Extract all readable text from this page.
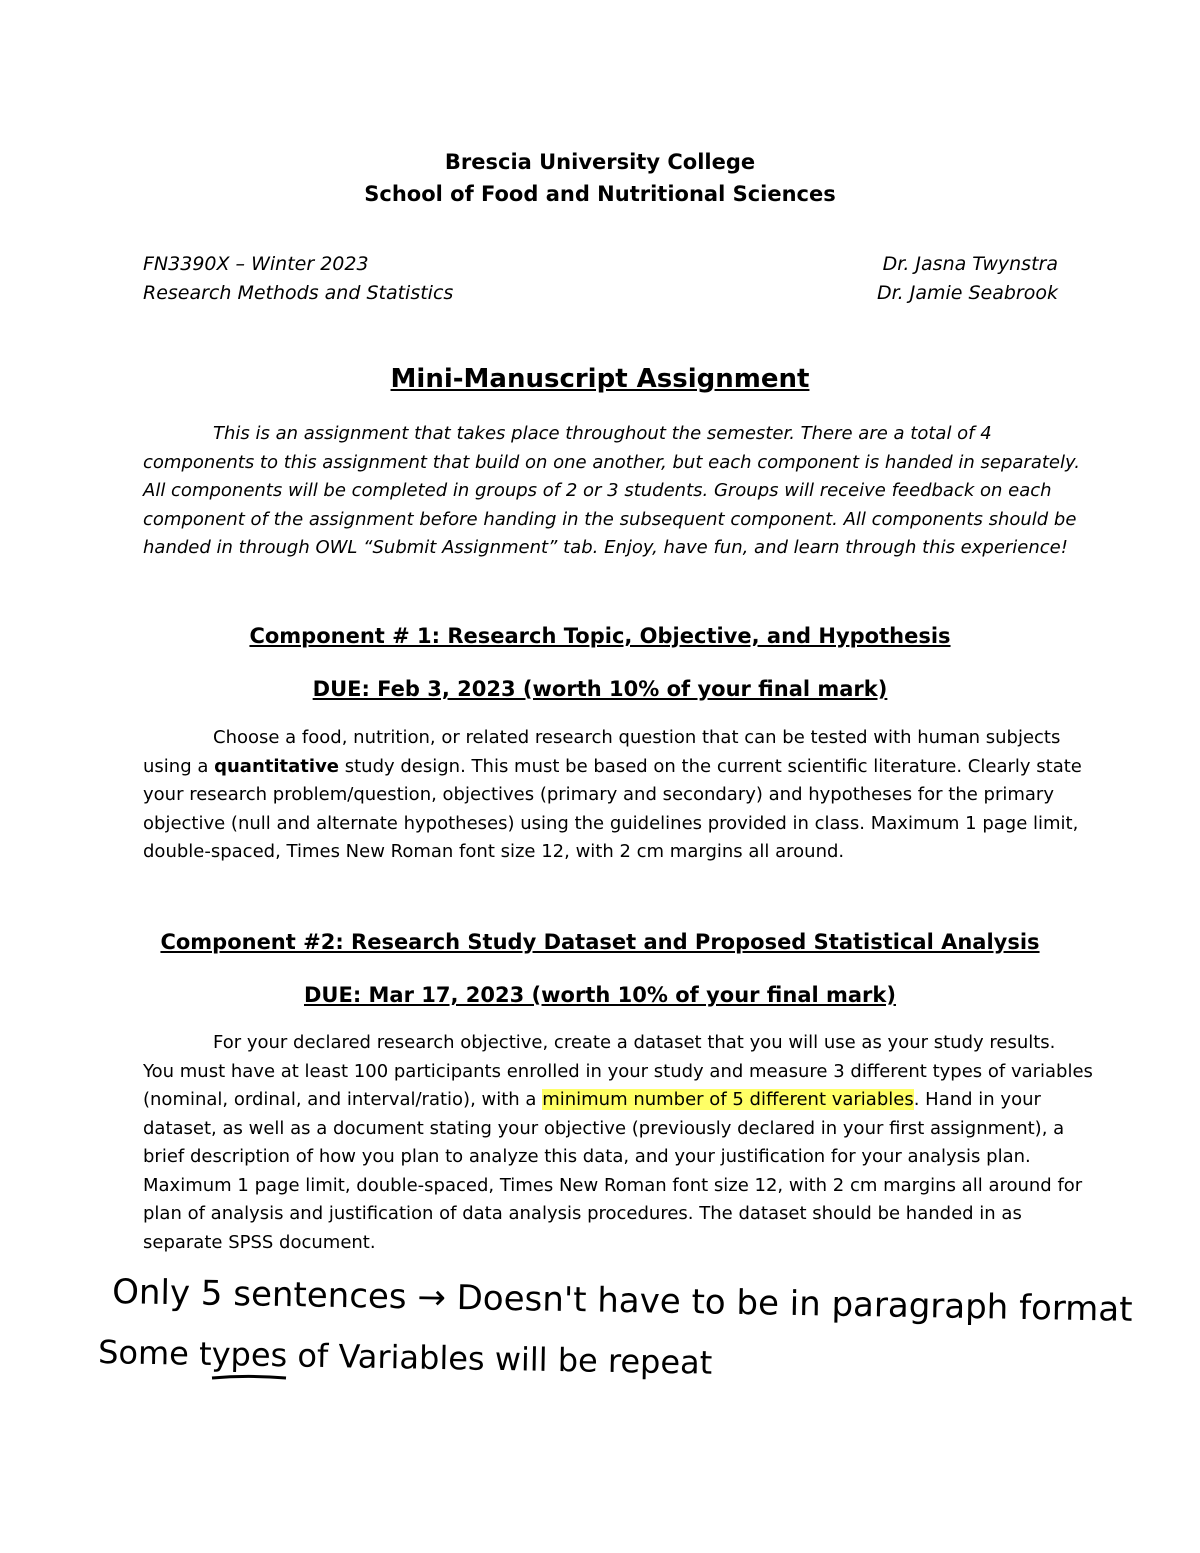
Brescia University College
School of Food and Nutritional Sciences
FN3390X – Winter 2023
Research Methods and Statistics
Dr. Jasna Twynstra
Dr. Jamie Seabrook
Mini-Manuscript Assignment
This is an assignment that takes place throughout the semester. There are a total of 4
components to this assignment that build on one another, but each component is handed in separately.
All components will be completed in groups of 2 or 3 students. Groups will receive feedback on each
component of the assignment before handing in the subsequent component. All components should be
handed in through OWL “Submit Assignment” tab. Enjoy, have fun, and learn through this experience!
Component # 1: Research Topic, Objective, and Hypothesis
DUE: Feb 3, 2023 (worth 10% of your final mark)
Choose a food, nutrition, or related research question that can be tested with human subjects
using a quantitative study design. This must be based on the current scientific literature. Clearly state
your research problem/question, objectives (primary and secondary) and hypotheses for the primary
objective (null and alternate hypotheses) using the guidelines provided in class. Maximum 1 page limit,
double-spaced, Times New Roman font size 12, with 2 cm margins all around.
Component #2: Research Study Dataset and Proposed Statistical Analysis
DUE: Mar 17, 2023 (worth 10% of your final mark)
For your declared research objective, create a dataset that you will use as your study results.
You must have at least 100 participants enrolled in your study and measure 3 different types of variables
(nominal, ordinal, and interval/ratio), with a minimum number of 5 different variables. Hand in your
dataset, as well as a document stating your objective (previously declared in your first assignment), a
brief description of how you plan to analyze this data, and your justification for your analysis plan.
Maximum 1 page limit, double-spaced, Times New Roman font size 12, with 2 cm margins all around for
plan of analysis and justification of data analysis procedures. The dataset should be handed in as
separate SPSS document.
Only 5 sentences → Doesn't have to be in paragraph format
Some types of Variables will be repeat
